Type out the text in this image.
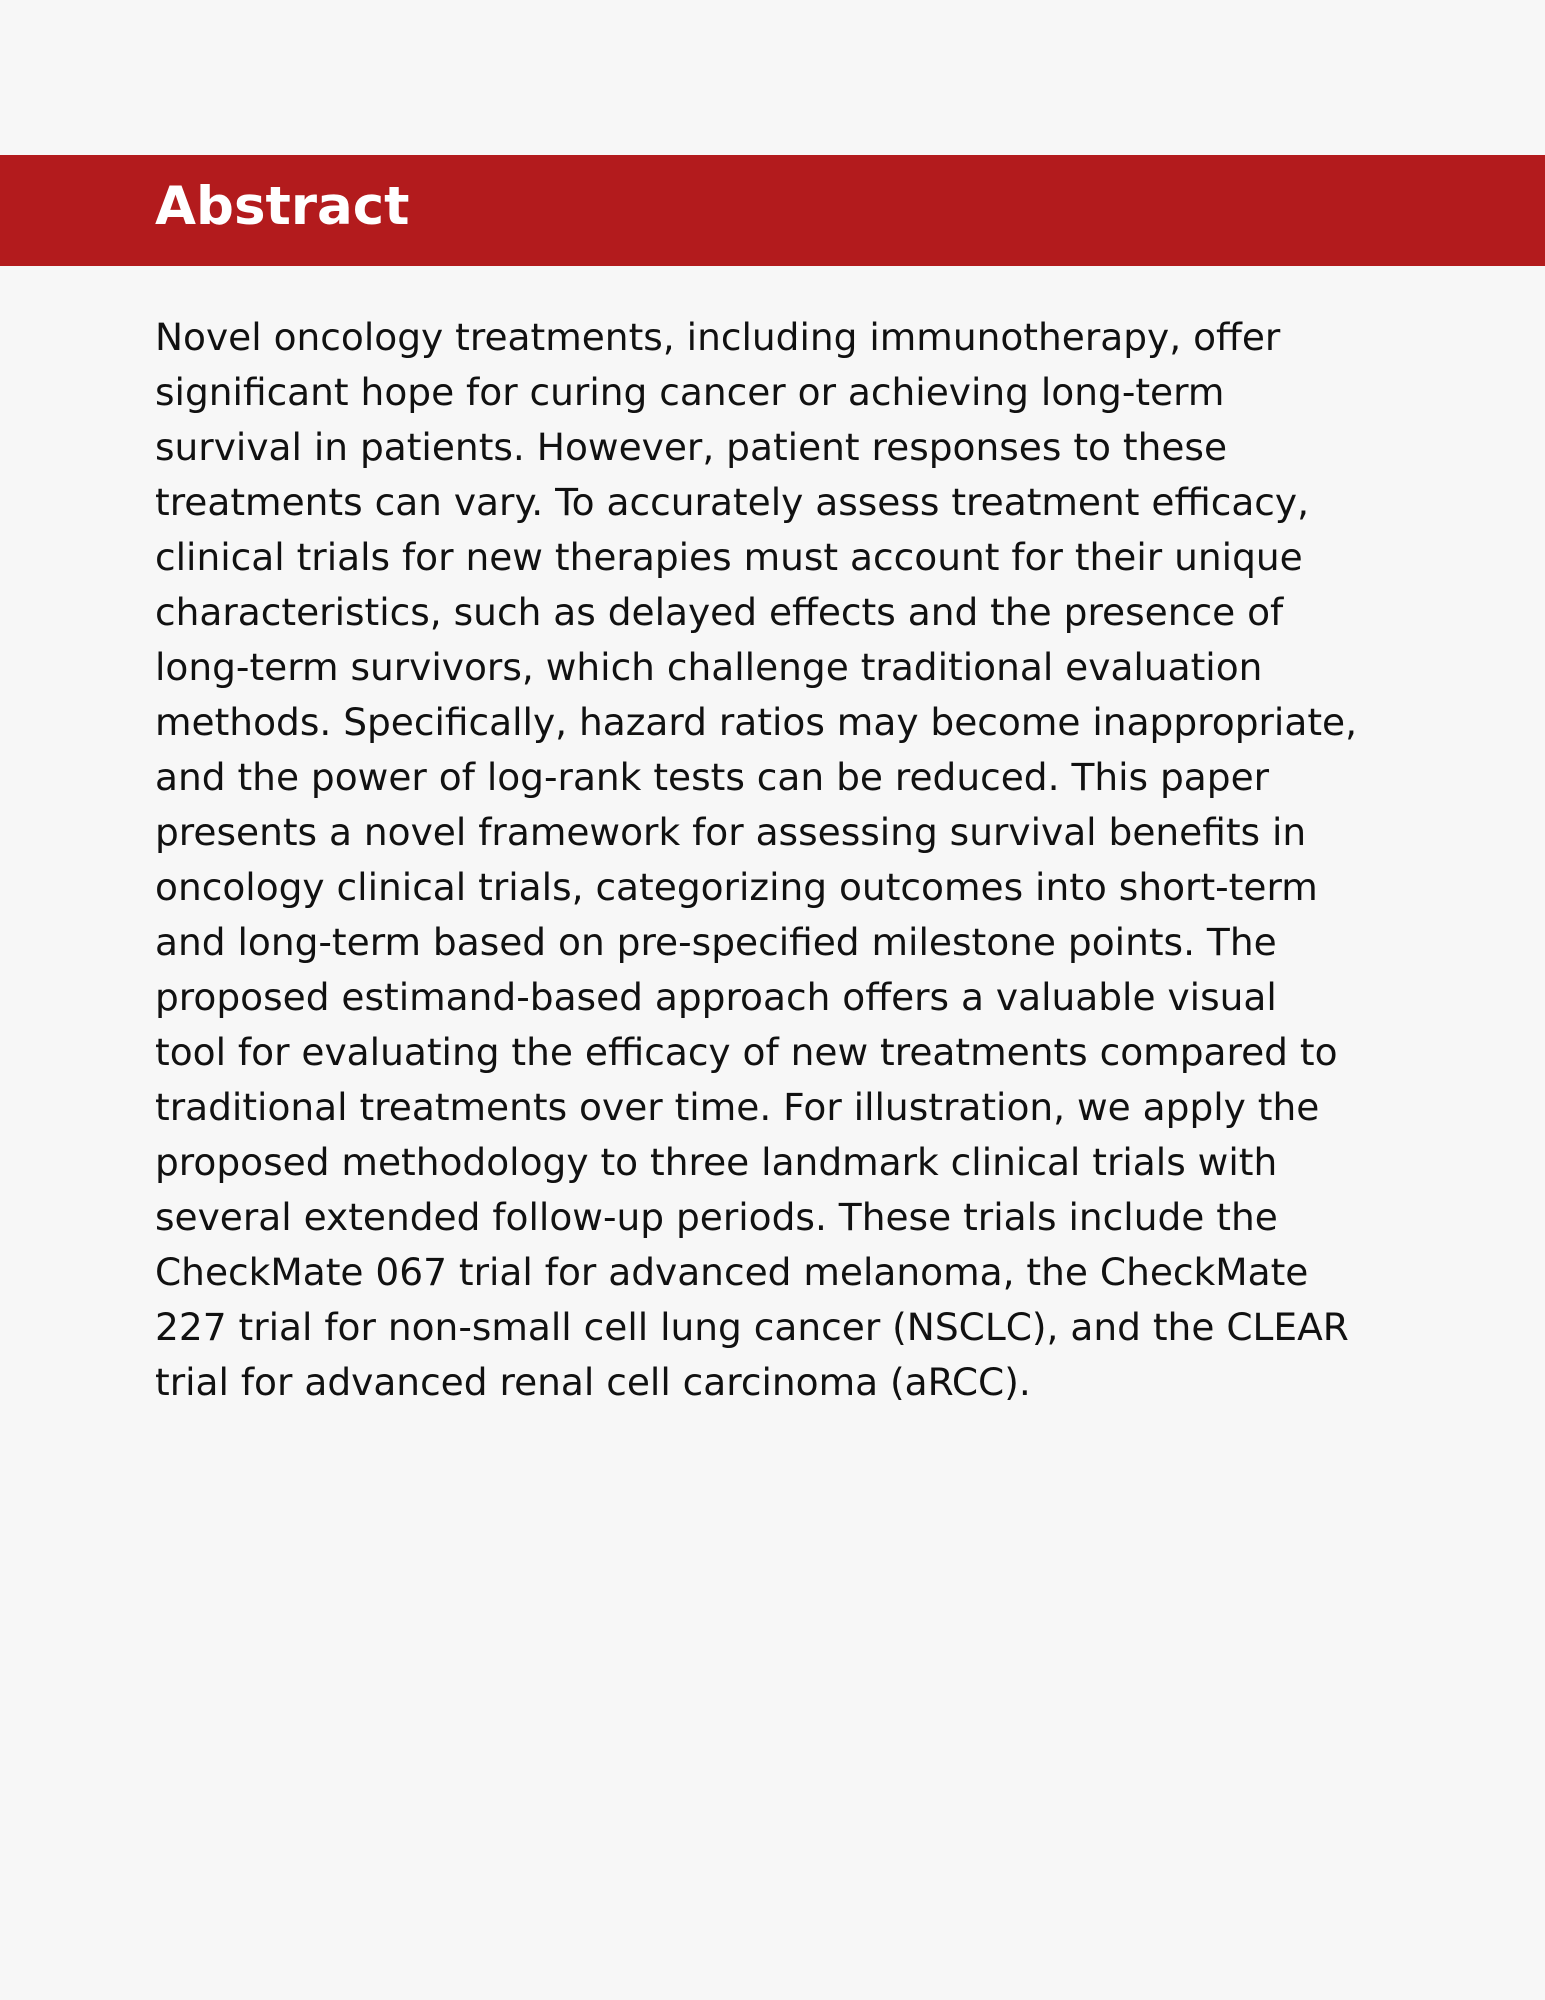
Abstract
Novel oncology treatments, including immunotherapy, offer
significant hope for curing cancer or achieving long-term
survival in patients. However, patient responses to these
treatments can vary. To accurately assess treatment efficacy,
clinical trials for new therapies must account for their unique
characteristics, such as delayed effects and the presence of
long-term survivors, which challenge traditional evaluation
methods. Specifically, hazard ratios may become inappropriate,
and the power of log-rank tests can be reduced. This paper
presents a novel framework for assessing survival benefits in
oncology clinical trials, categorizing outcomes into short-term
and long-term based on pre-specified milestone points. The
proposed estimand-based approach offers a valuable visual
tool for evaluating the efficacy of new treatments compared to
traditional treatments over time. For illustration, we apply the
proposed methodology to three landmark clinical trials with
several extended follow-up periods. These trials include the
CheckMate 067 trial for advanced melanoma, the CheckMate
227 trial for non-small cell lung cancer (NSCLC), and the CLEAR
trial for advanced renal cell carcinoma (aRCC).
